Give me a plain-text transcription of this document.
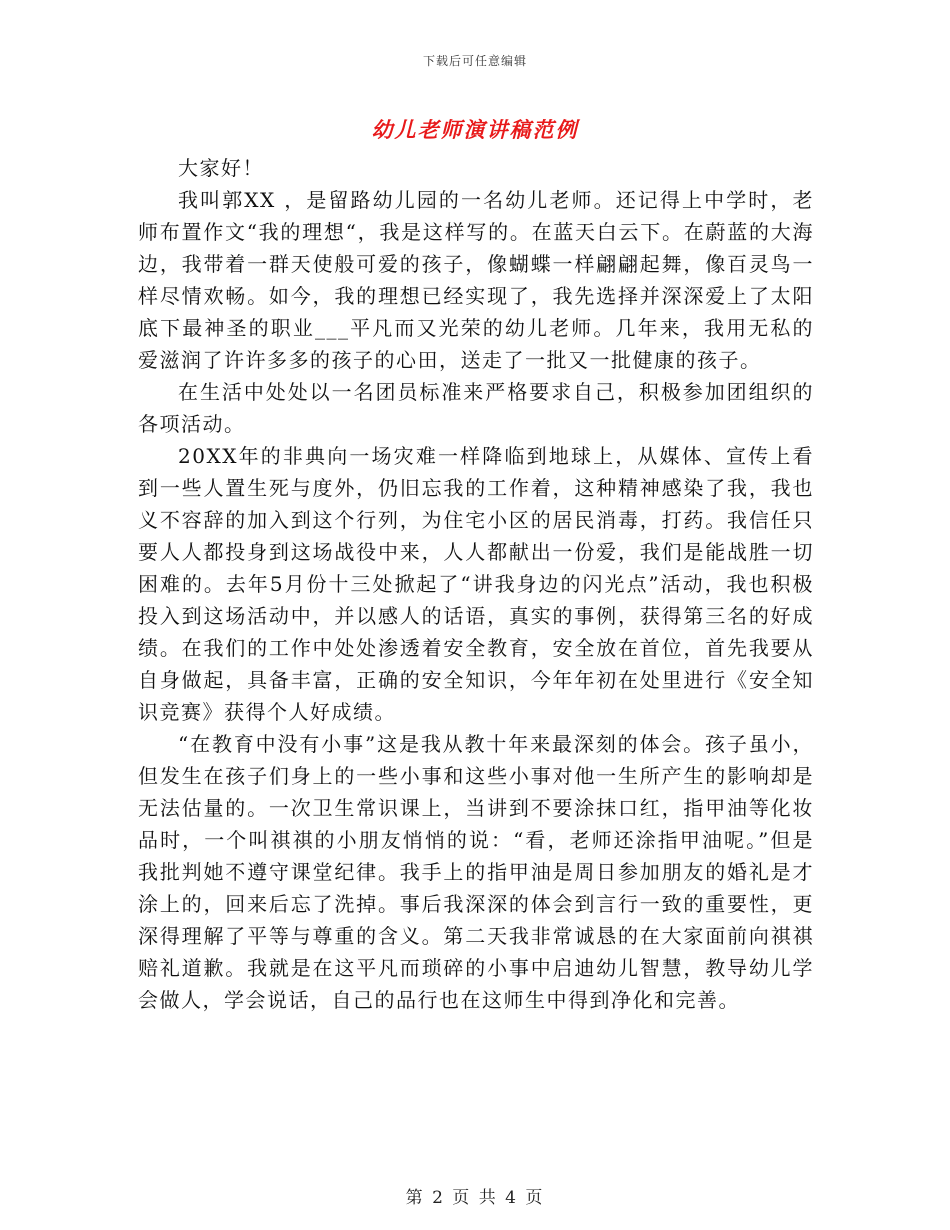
下载后可任意编辑
幼儿老师演讲稿范例

大家好！

我叫郭XX ，是留路幼儿园的一名幼儿老师。还记得上中学时，老师布置作文“我的理想“，我是这样写的。在蓝天白云下。在蔚蓝的大海边，我带着一群天使般可爱的孩子，像蝴蝶一样翩翩起舞，像百灵鸟一样尽情欢畅。如今，我的理想已经实现了，我先选择并深深爱上了太阳底下最神圣的职业___平凡而又光荣的幼儿老师。几年来，我用无私的爱滋润了许许多多的孩子的心田，送走了一批又一批健康的孩子。

在生活中处处以一名团员标准来严格要求自己，积极参加团组织的各项活动。

20XX年的非典向一场灾难一样降临到地球上，从媒体、宣传上看到一些人置生死与度外，仍旧忘我的工作着，这种精神感染了我，我也义不容辞的加入到这个行列，为住宅小区的居民消毒，打药。我信任只要人人都投身到这场战役中来，人人都献出一份爱，我们是能战胜一切困难的。去年5月份十三处掀起了“讲我身边的闪光点”活动，我也积极投入到这场活动中，并以感人的话语，真实的事例，获得第三名的好成绩。在我们的工作中处处渗透着安全教育，安全放在首位，首先我要从自身做起，具备丰富，正确的安全知识，今年年初在处里进行《安全知识竞赛》获得个人好成绩。

“在教育中没有小事”这是我从教十年来最深刻的体会。孩子虽小，但发生在孩子们身上的一些小事和这些小事对他一生所产生的影响却是无法估量的。一次卫生常识课上，当讲到不要涂抹口红，指甲油等化妆品时，一个叫祺祺的小朋友悄悄的说：“看，老师还涂指甲油呢。”但是我批判她不遵守课堂纪律。我手上的指甲油是周日参加朋友的婚礼是才涂上的，回来后忘了洗掉。事后我深深的体会到言行一致的重要性，更深得理解了平等与尊重的含义。第二天我非常诚恳的在大家面前向祺祺赔礼道歉。我就是在这平凡而琐碎的小事中启迪幼儿智慧，教导幼儿学会做人，学会说话，自己的品行也在这师生中得到净化和完善。

第 2 页 共 4 页
